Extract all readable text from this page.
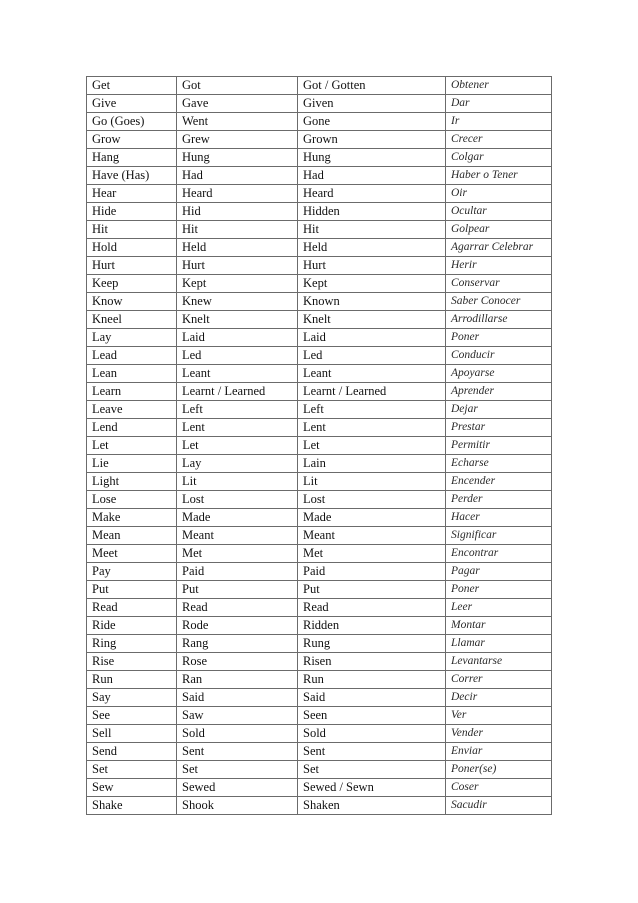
Get	Got	Got / Gotten	Obtener
Give	Gave	Given	Dar
Go (Goes)	Went	Gone	Ir
Grow	Grew	Grown	Crecer
Hang	Hung	Hung	Colgar
Have (Has)	Had	Had	Haber o Tener
Hear	Heard	Heard	Oir
Hide	Hid	Hidden	Ocultar
Hit	Hit	Hit	Golpear
Hold	Held	Held	Agarrar Celebrar
Hurt	Hurt	Hurt	Herir
Keep	Kept	Kept	Conservar
Know	Knew	Known	Saber Conocer
Kneel	Knelt	Knelt	Arrodillarse
Lay	Laid	Laid	Poner
Lead	Led	Led	Conducir
Lean	Leant	Leant	Apoyarse
Learn	Learnt / Learned	Learnt / Learned	Aprender
Leave	Left	Left	Dejar
Lend	Lent	Lent	Prestar
Let	Let	Let	Permitir
Lie	Lay	Lain	Echarse
Light	Lit	Lit	Encender
Lose	Lost	Lost	Perder
Make	Made	Made	Hacer
Mean	Meant	Meant	Significar
Meet	Met	Met	Encontrar
Pay	Paid	Paid	Pagar
Put	Put	Put	Poner
Read	Read	Read	Leer
Ride	Rode	Ridden	Montar
Ring	Rang	Rung	Llamar
Rise	Rose	Risen	Levantarse
Run	Ran	Run	Correr
Say	Said	Said	Decir
See	Saw	Seen	Ver
Sell	Sold	Sold	Vender
Send	Sent	Sent	Enviar
Set	Set	Set	Poner(se)
Sew	Sewed	Sewed / Sewn	Coser
Shake	Shook	Shaken	Sacudir
